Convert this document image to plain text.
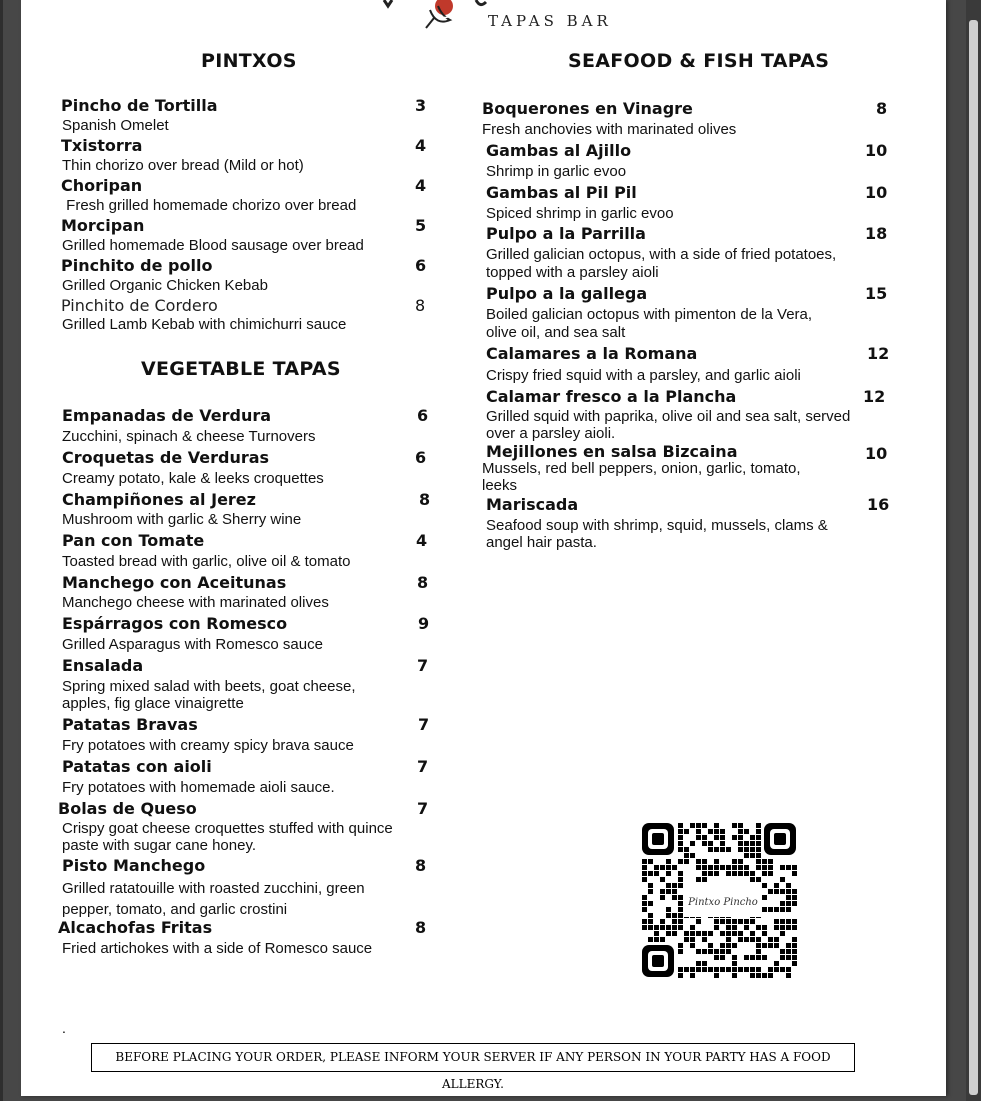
TAPAS BAR
PINTXOS
VEGETABLE TAPAS
SEAFOOD & FISH TAPAS
Pincho de Tortilla	3
Spanish Omelet
Txistorra	4
Thin chorizo over bread (Mild or hot)
Choripan	4
Fresh grilled homemade chorizo over bread
Morcipan	5
Grilled homemade Blood sausage over bread
Pinchito de pollo	6
Grilled Organic Chicken Kebab
Pinchito de Cordero	8
Grilled Lamb Kebab with chimichurri sauce
Empanadas de Verdura	6
Zucchini, spinach & cheese Turnovers
Croquetas de Verduras	6
Creamy potato, kale & leeks croquettes
Champiñones al Jerez	8
Mushroom with garlic & Sherry wine
Pan con Tomate	4
Toasted bread with garlic, olive oil & tomato
Manchego con Aceitunas	8
Manchego cheese with marinated olives
Espárragos con Romesco	9
Grilled Asparagus with Romesco sauce
Ensalada	7
Spring mixed salad with beets, goat cheese, apples, fig glace vinaigrette
Patatas Bravas	7
Fry potatoes with creamy spicy brava sauce
Patatas con aioli	7
Fry potatoes with homemade aioli sauce.
Bolas de Queso	7
Crispy goat cheese croquettes stuffed with quince paste with sugar cane honey.
Pisto Manchego	8
Grilled ratatouille with roasted zucchini, green pepper, tomato, and garlic crostini
Alcachofas Fritas	8
Fried artichokes with a side of Romesco sauce
Boquerones en Vinagre	8
Fresh anchovies with marinated olives
Gambas al Ajillo	10
Shrimp in garlic evoo
Gambas al Pil Pil	10
Spiced shrimp in garlic evoo
Pulpo a la Parrilla	18
Grilled galician octopus, with a side of fried potatoes, topped with a parsley aioli
Pulpo a la gallega	15
Boiled galician octopus with pimenton de la Vera, olive oil, and sea salt
Calamares a la Romana	12
Crispy fried squid with a parsley, and garlic aioli
Calamar fresco a la Plancha	12
Grilled squid with paprika, olive oil and sea salt, served over a parsley aioli.
Mejillones en salsa Bizcaina	10
Mussels, red bell peppers, onion, garlic, tomato, leeks
Mariscada	16
Seafood soup with shrimp, squid, mussels, clams & angel hair pasta.
Pintxo Pincho
.
BEFORE PLACING YOUR ORDER, PLEASE INFORM YOUR SERVER IF ANY PERSON IN YOUR PARTY HAS A FOOD ALLERGY.
